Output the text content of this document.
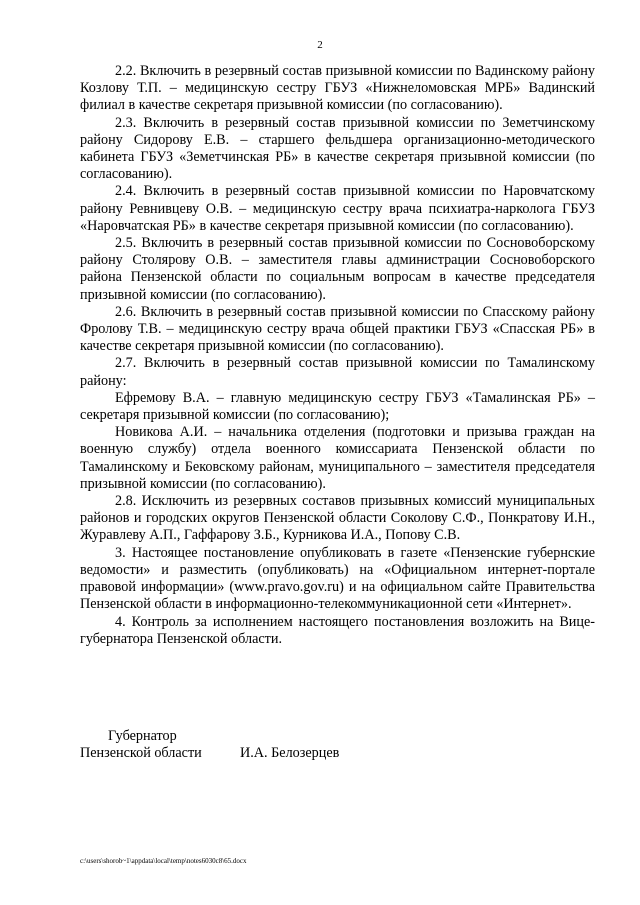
2

2.2. Включить в резервный состав призывной комиссии по Вадинскому району Козлову Т.П. – медицинскую сестру ГБУЗ «Нижнеломовская МРБ» Вадинский филиал в качестве секретаря призывной комиссии (по согласованию).

2.3. Включить в резервный состав призывной комиссии по Земетчинскому району Сидорову Е.В. – старшего фельдшера организационно-методического кабинета ГБУЗ «Земетчинская РБ» в качестве секретаря призывной комиссии (по согласованию).

2.4. Включить в резервный состав призывной комиссии по Наровчатскому району Ревнивцеву О.В. – медицинскую сестру врача психиатра-нарколога ГБУЗ «Наровчатская РБ» в качестве секретаря призывной комиссии (по согласованию).

2.5. Включить в резервный состав призывной комиссии по Сосновоборскому району Столярову О.В. – заместителя главы администрации Сосновоборского района Пензенской области по социальным вопросам в качестве председателя призывной комиссии (по согласованию).

2.6. Включить в резервный состав призывной комиссии по Спасскому району Фролову Т.В. – медицинскую сестру врача общей практики ГБУЗ «Спасская РБ» в качестве секретаря призывной комиссии (по согласованию).

2.7. Включить в резервный состав призывной комиссии по Тамалинскому району:

Ефремову В.А. – главную медицинскую сестру ГБУЗ «Тамалинская РБ» – секретаря призывной комиссии (по согласованию);

Новикова А.И. – начальника отделения (подготовки и призыва граждан на военную службу) отдела военного комиссариата Пензенской области по Тамалинскому и Бековскому районам, муниципального – заместителя председателя призывной комиссии (по согласованию).

2.8. Исключить из резервных составов призывных комиссий муниципальных районов и городских округов Пензенской области Соколову С.Ф., Понкратову И.Н., Журавлеву А.П., Гаффарову З.Б., Курникова И.А., Попову С.В.

3. Настоящее постановление опубликовать в газете «Пензенские губернские ведомости» и разместить (опубликовать) на «Официальном интернет-портале правовой информации» (www.pravo.gov.ru) и на официальном сайте Правительства Пензенской области в информационно-телекоммуникационной сети «Интернет».

4. Контроль за исполнением настоящего постановления возложить на Вице-губернатора Пензенской области.

Губернатор
Пензенской области	И.А. Белозерцев
c:\users\shorob~1\appdata\local\temp\notes6030c8\65.docx
